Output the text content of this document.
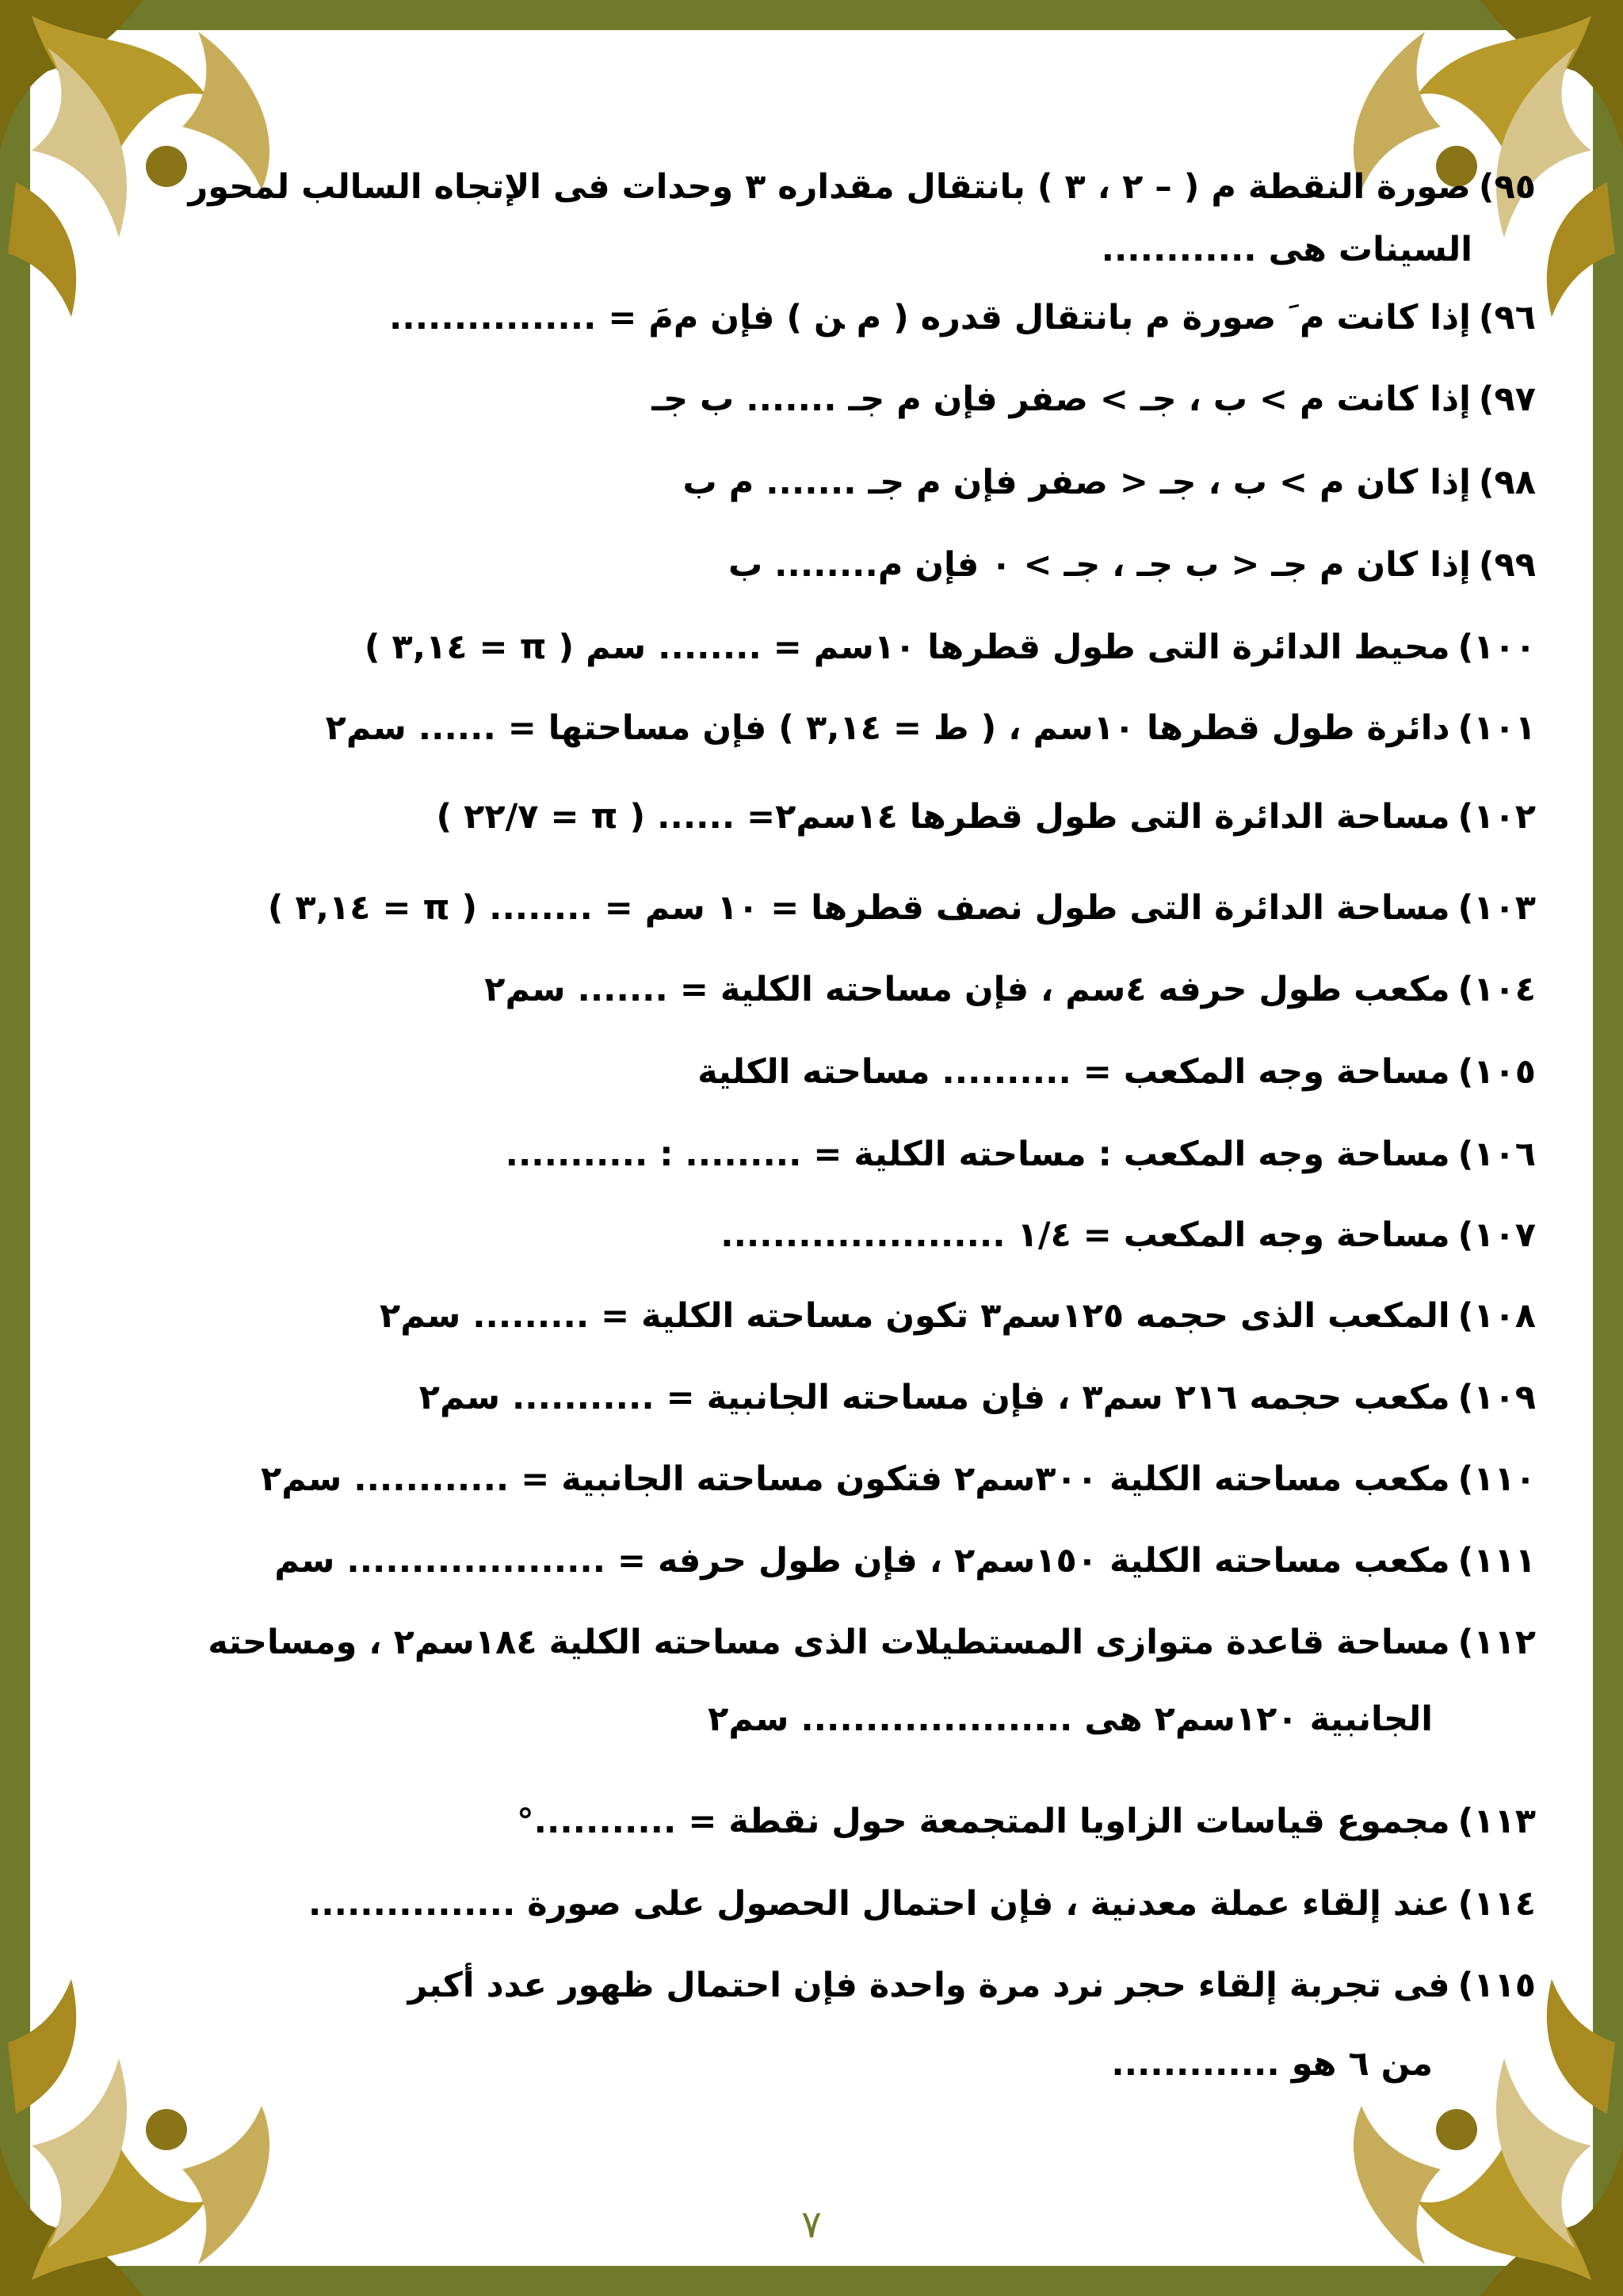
٩٥)صورة النقطة ﻡ ( – ٢ ، ٣ ) بانتقال مقداره ٣ وحدات فى الإتجاه السالب لمحور
السينات هى ............
٩٦)إذا كانت ﻡ َ صورة ﻡ بانتقال قدره ( م ﻦ ) فإن ﻡﻡَ = ................
٩٧)إذا كانت ﻡ > ب ، جـ > صفر فإن ﻡ جـ ....... ب جـ
٩٨)إذا كان ﻡ > ب ، جـ < صفر فإن ﻡ جـ ....... ﻡ ب
٩٩)إذا كان ﻡ جـ < ب جـ ، جـ > ٠ فإن ﻡ........ ب
١٠٠)محيط الدائرة التى طول قطرها ١٠سم = ........ سم ( π = ٣,١٤ )
١٠١)دائرة طول قطرها ١٠سم ، ( ط = ٣,١٤ ) فإن مساحتها = ...... سم٢
١٠٢)مساحة الدائرة التى طول قطرها ١٤سم٢= ...... ( π = ٢٢/٧ )
١٠٣)مساحة الدائرة التى طول نصف قطرها = ١٠ سم = ........ ( π = ٣,١٤ )
١٠٤)مكعب طول حرفه ٤سم ، فإن مساحته الكلية = ....... سم٢
١٠٥)مساحة وجه المكعب = .......... مساحته الكلية
١٠٦)مساحة وجه المكعب : مساحته الكلية = ......... : ...........
١٠٧)مساحة وجه المكعب = ١/٤ ......................
١٠٨)المكعب الذى حجمه ١٢٥سم٣ تكون مساحته الكلية = ......... سم٢
١٠٩)مكعب حجمه ٢١٦ سم٣ ، فإن مساحته الجانبية = ........... سم٢
١١٠)مكعب مساحته الكلية ٣٠٠سم٢ فتكون مساحته الجانبية = ............ سم٢
١١١)مكعب مساحته الكلية ١٥٠سم٢ ، فإن طول حرفه = .................... سم
١١٢)مساحة قاعدة متوازى المستطيلات الذى مساحته الكلية ١٨٤سم٢ ، ومساحته
الجانبية ١٢٠سم٢ هى ..................... سم٢
١١٣)مجموع قياسات الزاويا المتجمعة حول نقطة = ...........°
١١٤)عند إلقاء عملة معدنية ، فإن احتمال الحصول على صورة ................
١١٥)فى تجربة إلقاء حجر نرد مرة واحدة فإن احتمال ظهور عدد أكبر
من ٦ هو .............
٧
